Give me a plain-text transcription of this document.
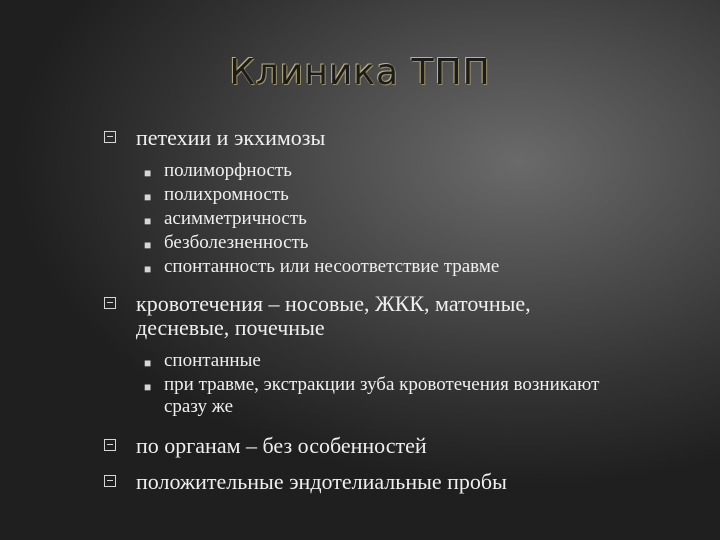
Клиника ТПП
петехии и экхимозы
■ полиморфность
■ полихромность
■ асимметричность
■ безболезненность
■ спонтанность или несоответствие травме
кровотечения – носовые, ЖКК, маточные, десневые, почечные
■ спонтанные
■ при травме, экстракции зуба кровотечения возникают сразу же
по органам – без особенностей
положительные эндотелиальные пробы
